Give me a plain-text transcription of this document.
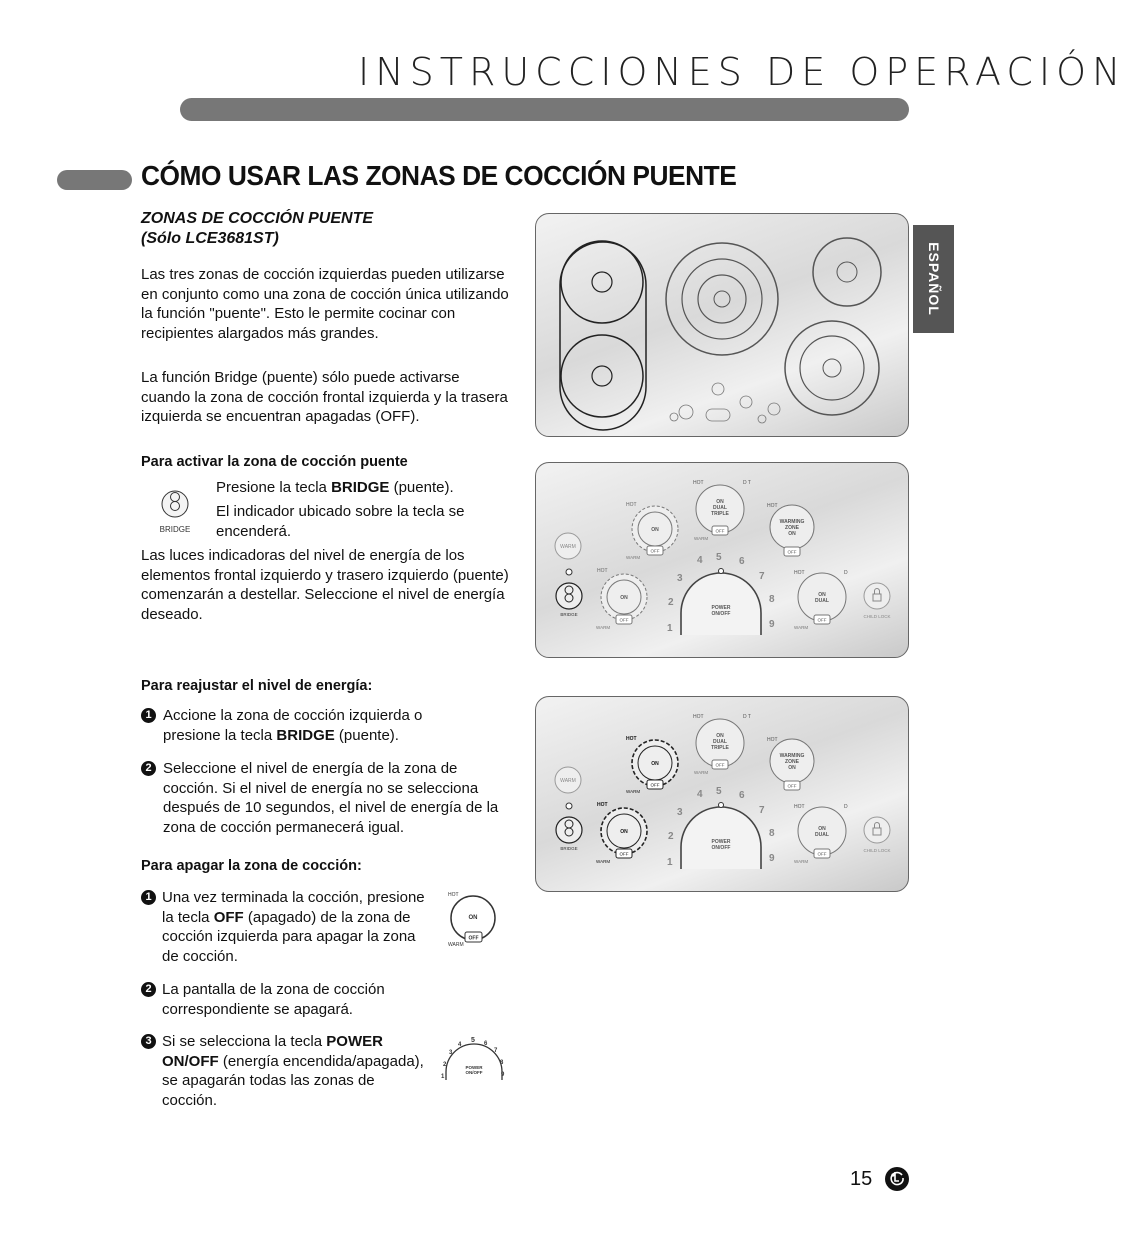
INSTRUCCIONES DE OPERACIÓN
CÓMO USAR LAS ZONAS DE COCCIÓN PUENTE
ESPAÑOL
ZONAS DE COCCIÓN PUENTE
(Sólo LCE3681ST)
Las tres zonas de cocción izquierdas pueden utilizarse en conjunto como una zona de cocción única utilizando la función "puente". Esto le permite cocinar con recipientes alargados más grandes.
La función Bridge (puente) sólo puede activarse cuando la zona de cocción frontal izquierda y la trasera izquierda se encuentran apagadas (OFF).
Para activar la zona de cocción puente
BRIDGE
Presione la tecla BRIDGE (puente).
El indicador ubicado sobre la tecla se encenderá.
Las luces indicadoras del nivel de energía de los elementos frontal izquierdo y trasero izquierdo (puente) comenzarán a destellar. Seleccione el nivel de energía deseado.
Para reajustar el nivel de energía:
1 Accione la zona de cocción izquierda o presione la tecla BRIDGE (puente).
2 Seleccione el nivel de energía de la zona de cocción. Si el nivel de energía no se selecciona después de 10 segundos, el nivel de energía de la zona de cocción permanecerá igual.
Para apagar la zona de cocción:
1 Una vez terminada la cocción, presione la tecla OFF (apagado) de la zona de cocción izquierda para apagar la zona de cocción.
2 La pantalla de la zona de cocción correspondiente se apagará.
3 Si se selecciona la tecla POWER ON/OFF (energía encendida/apagada), se apagarán todas las zonas de cocción.
HOT
ON
OFF
WARM
POWER
ON/OFF
1
2
3
4
5 6
7
8
9
HOT	D T
ON
DUAL
TRIPLE
OFF
WARM
HOT
ON
OFF
WARM
HOT
WARMING
ZONE
ON
OFF
WARM
BRIDGE
HOT
ON
OFF
WARM
POWER
ON/OFF
1
2
3
4 5 6
7
8
9
HOT	D
ON
DUAL
OFF
WARM
CHILD LOCK
HOT	D T
ON
DUAL
TRIPLE
OFF
WARM
HOT
ON
OFF
WARM
HOT
WARMING
ZONE
ON
OFF
WARM
BRIDGE
HOT
ON
OFF
WARM
POWER
ON/OFF
1
2
3
4 5 6
7
8
9
HOT	D
ON
DUAL
OFF
WARM
CHILD LOCK
15
